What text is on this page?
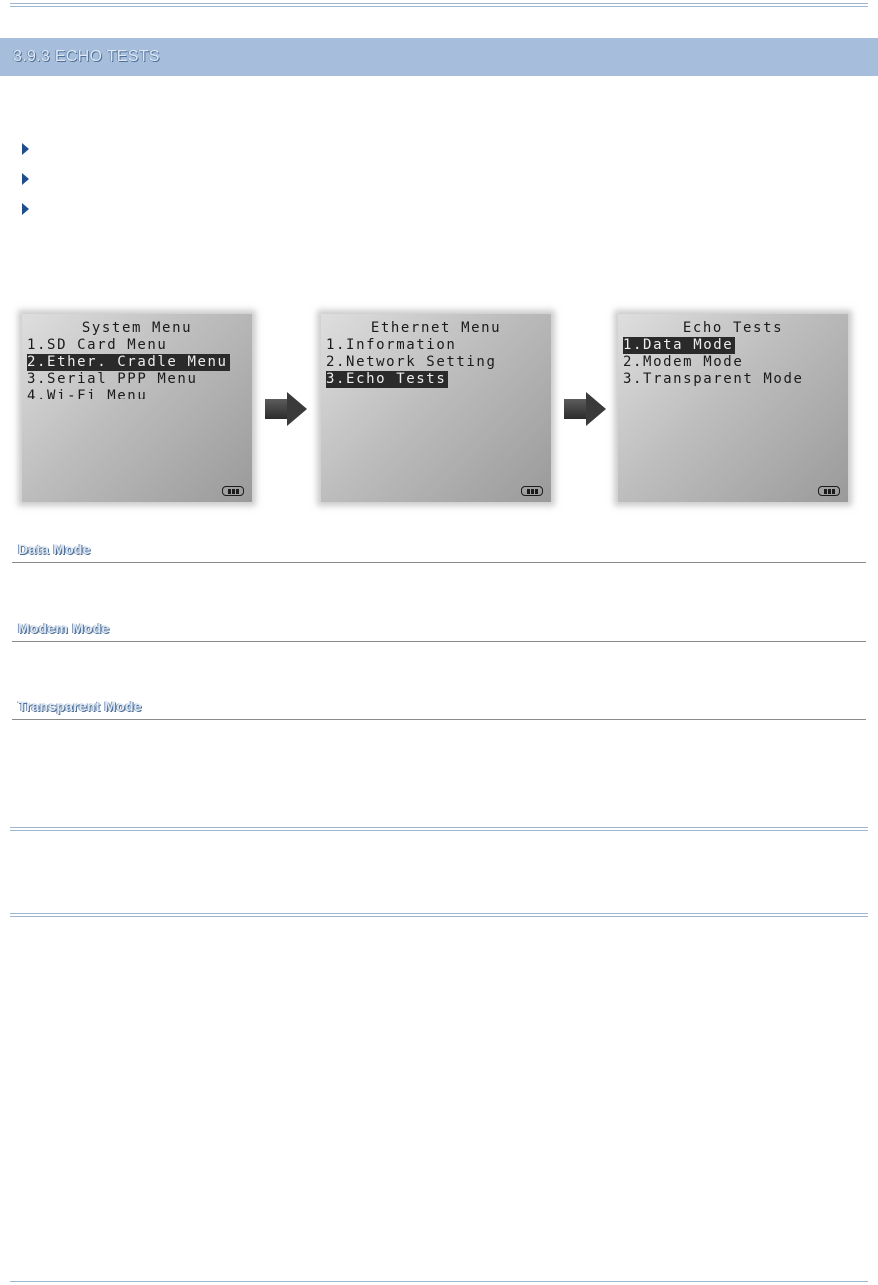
3.9.3 ECHO TESTS
System Menu
1.SD Card Menu
2.Ether. Cradle Menu
3.Serial PPP Menu
4.Wi-Fi Menu
Ethernet Menu
1.Information
2.Network Setting
3.Echo Tests
Echo Tests
1.Data Mode
2.Modem Mode
3.Transparent Mode
Data Mode
Modem Mode
Transparent Mode
